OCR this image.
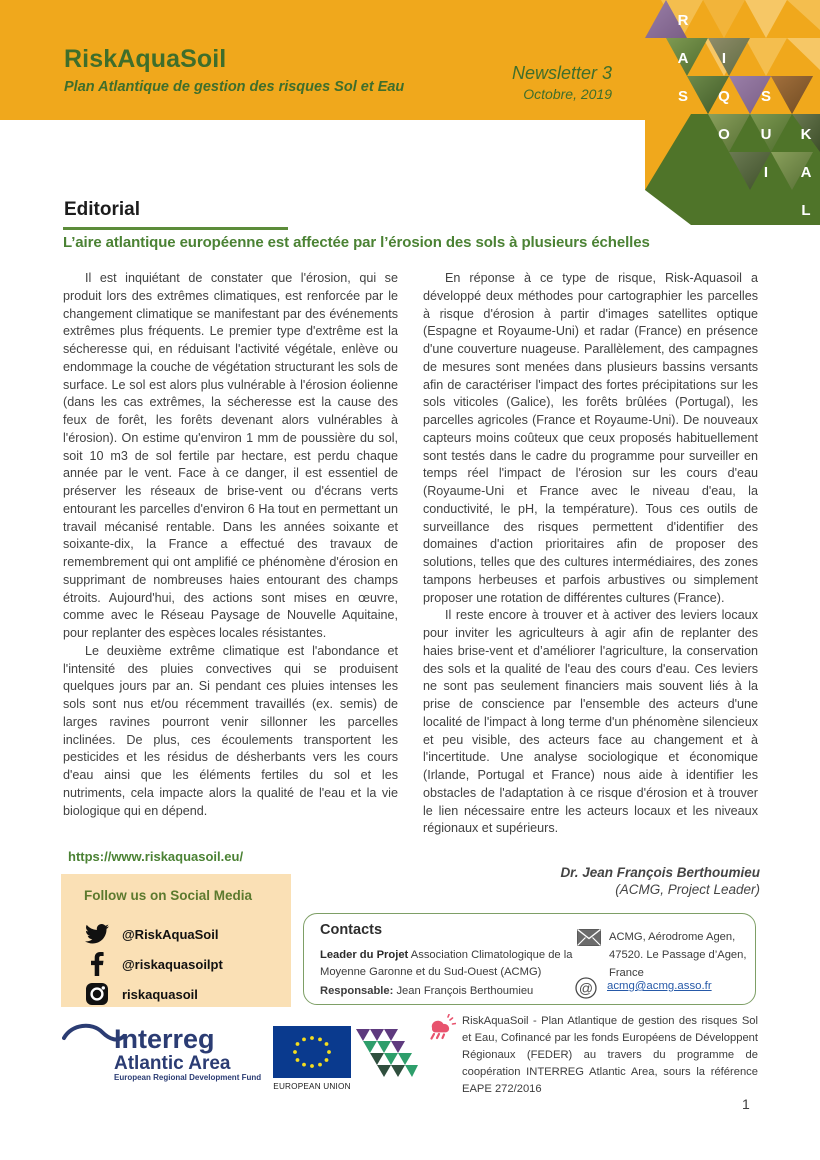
RiskAquaSoil
Plan Atlantique de gestion des risques Sol et Eau
Newsletter 3
Octobre, 2019
R
I
S
K
A
Q
U
A
S
O
I
L
Editorial
L’aire atlantique européenne est affectée par l’érosion des sols à plusieurs échelles

Il est inquiétant de constater que l'érosion, qui se produit lors des extrêmes climatiques, est renforcée par le changement climatique se manifestant par des événements extrêmes plus fréquents. Le premier type d'extrême est la sécheresse qui, en réduisant l'activité végétale, enlève ou endommage la couche de végétation structurant les sols de surface. Le sol est alors plus vulnérable à l'érosion éolienne (dans les cas extrêmes, la sécheresse est la cause des feux de forêt, les forêts devenant alors vulnérables à l'érosion). On estime qu'environ 1 mm de poussière du sol, soit 10 m3 de sol fertile par hectare, est perdu chaque année par le vent. Face à ce danger, il est essentiel de préserver les réseaux de brise-vent ou d'écrans verts entourant les parcelles d'environ 6 Ha tout en permettant un travail mécanisé rentable. Dans les années soixante et soixante-dix, la France a effectué des travaux de remembrement qui ont amplifié ce phénomène d'érosion en supprimant de nombreuses haies entourant des champs étroits. Aujourd'hui, des actions sont mises en œuvre, comme avec le Réseau Paysage de Nouvelle Aquitaine, pour replanter des espèces locales résistantes.

Le deuxième extrême climatique est l'abondance et l'intensité des pluies convectives qui se produisent quelques jours par an. Si pendant ces pluies intenses les sols sont nus et/ou récemment travaillés (ex. semis) de larges ravines pourront venir sillonner les parcelles inclinées. De plus, ces écoulements transportent les pesticides et les résidus de désherbants vers les cours d'eau ainsi que les éléments fertiles du sol et les nutriments, cela impacte alors la qualité de l'eau et la vie biologique qui en dépend.

En réponse à ce type de risque, Risk-Aquasoil a développé deux méthodes pour cartographier les parcelles à risque d'érosion à partir d'images satellites optique (Espagne et Royaume-Uni) et radar (France) en présence d'une couverture nuageuse. Parallèlement, des campagnes de mesures sont menées dans plusieurs bassins versants afin de caractériser l'impact des fortes précipitations sur les sols viticoles (Galice), les forêts brûlées (Portugal), les parcelles agricoles (France et Royaume-Uni). De nouveaux capteurs moins coûteux que ceux proposés habituellement sont testés dans le cadre du programme pour surveiller en temps réel l'impact de l'érosion sur les cours d'eau (Royaume-Uni et France avec le niveau d'eau, la conductivité, le pH, la température). Tous ces outils de surveillance des risques permettent d'identifier des domaines d'action prioritaires afin de proposer des solutions, telles que des cultures intermédiaires, des zones tampons herbeuses et parfois arbustives ou simplement proposer une rotation de différentes cultures (France).

Il reste encore à trouver et à activer des leviers locaux pour inviter les agriculteurs à agir afin de replanter des haies brise-vent et d’améliorer l'agriculture, la conservation des sols et la qualité de l'eau des cours d'eau. Ces leviers ne sont pas seulement financiers mais souvent liés à la prise de conscience par l'ensemble des acteurs d'une localité de l'impact à long terme d'un phénomène silencieux et peu visible, des acteurs face au changement et à l'incertitude. Une analyse sociologique et économique (Irlande, Portugal et France) nous aide à identifier les obstacles de l'adaptation à ce risque d'érosion et à trouver le lien nécessaire entre les acteurs locaux et les niveaux régionaux et supérieurs.

Dr. Jean François Berthoumieu
(ACMG, Project Leader)
https://www.riskaquasoil.eu/
Follow us on Social Media
@RiskAquaSoil
@riskaquasoilpt
riskaquasoil
Contacts
Leader du Projet Association Climatologique de la Moyenne Garonne et du Sud-Ouest (ACMG)
Responsable: Jean François Berthoumieu
ACMG, Aérodrome Agen, 47520. Le Passage d’Agen, France
@ acmg@acmg.asso.fr
Interreg
Atlantic Area
European Regional Development Fund
EUROPEAN UNION
RiskAquaSoil - Plan Atlantique de gestion des risques Sol et Eau, Cofinancé par les fonds Européens de Développent Régionaux (FEDER) au travers du programme de coopération INTERREG Atlantic Area, sours la référence EAPE 272/2016
1
